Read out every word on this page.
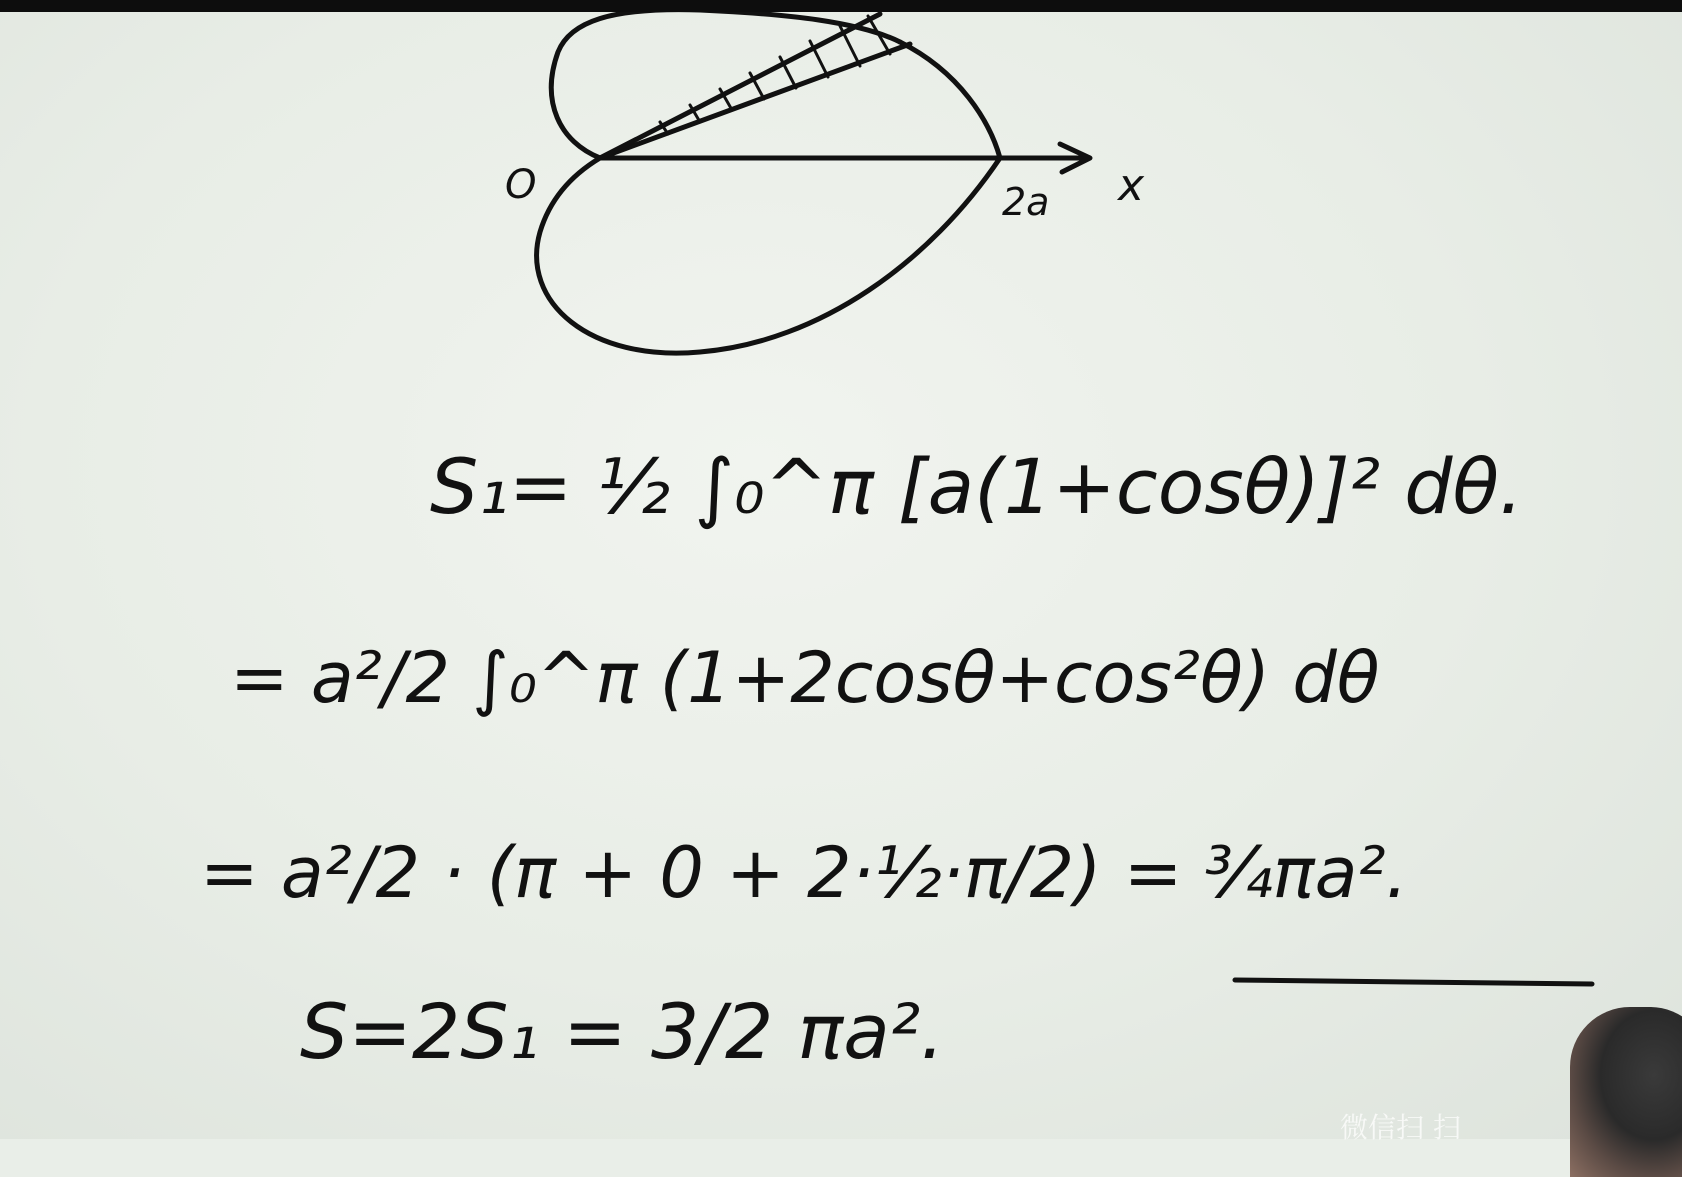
O	x
2a
S₁= ½ ∫₀^π [a(1+cosθ)]² dθ.
= a²/2 ∫₀^π (1+2cosθ+cos²θ) dθ
= a²/2 · (π + 0 + 2·½·π/2) = ¾πa².
S=2S₁ = 3/2 πa².
微信扫 扫
